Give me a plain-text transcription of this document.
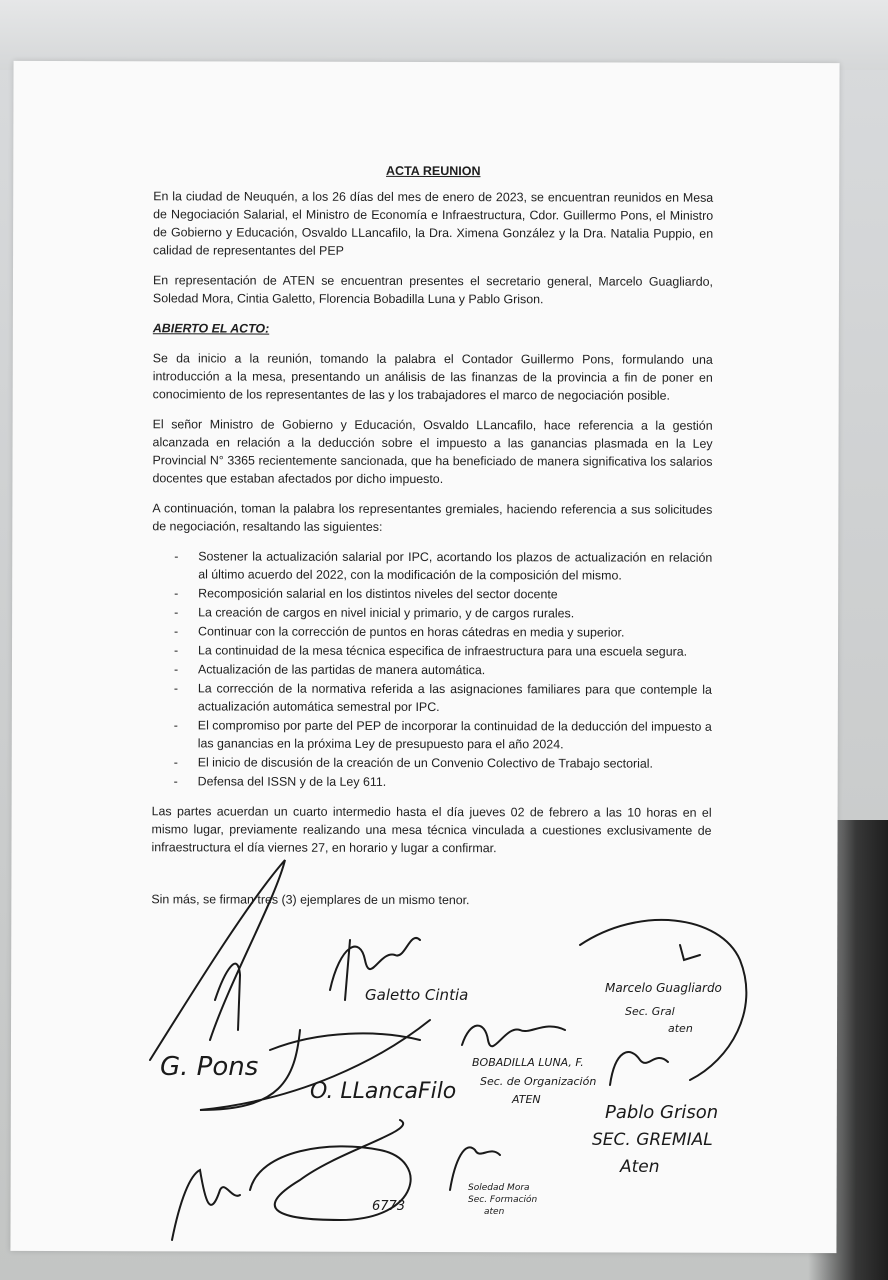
ACTA REUNION

En la ciudad de Neuquén, a los 26 días del mes de enero de 2023, se encuentran reunidos en Mesa de Negociación Salarial, el Ministro de Economía e Infraestructura, Cdor. Guillermo Pons, el Ministro de Gobierno y Educación, Osvaldo LLancafilo, la Dra. Ximena González y la Dra. Natalia Puppio, en calidad de representantes del PEP

En representación de ATEN se encuentran presentes el secretario general, Marcelo Guagliardo, Soledad Mora, Cintia Galetto, Florencia Bobadilla Luna y Pablo Grison.

ABIERTO EL ACTO:

Se da inicio a la reunión, tomando la palabra el Contador Guillermo Pons, formulando una introducción a la mesa, presentando un análisis de las finanzas de la provincia a fin de poner en conocimiento de los representantes de las y los trabajadores el marco de negociación posible.

El señor Ministro de Gobierno y Educación, Osvaldo LLancafilo, hace referencia a la gestión alcanzada en relación a la deducción sobre el impuesto a las ganancias plasmada en la Ley Provincial N° 3365 recientemente sancionada, que ha beneficiado de manera significativa los salarios docentes que estaban afectados por dicho impuesto.

A continuación, toman la palabra los representantes gremiales, haciendo referencia a sus solicitudes de negociación, resaltando las siguientes:

- Sostener la actualización salarial por IPC, acortando los plazos de actualización en relación al último acuerdo del 2022, con la modificación de la composición del mismo.
- Recomposición salarial en los distintos niveles del sector docente
- La creación de cargos en nivel inicial y primario, y de cargos rurales.
- Continuar con la corrección de puntos en horas cátedras en media y superior.
- La continuidad de la mesa técnica especifica de infraestructura para una escuela segura.
- Actualización de las partidas de manera automática.
- La corrección de la normativa referida a las asignaciones familiares para que contemple la actualización automática semestral por IPC.
- El compromiso por parte del PEP de incorporar la continuidad de la deducción del impuesto a las ganancias en la próxima Ley de presupuesto para el año 2024.
- El inicio de discusión de la creación de un Convenio Colectivo de Trabajo sectorial.
- Defensa del ISSN y de la Ley 611.

Las partes acuerdan un cuarto intermedio hasta el día jueves 02 de febrero a las 10 horas en el mismo lugar, previamente realizando una mesa técnica vinculada a cuestiones exclusivamente de infraestructura el día viernes 27, en horario y lugar a confirmar.

Sin más, se firman tres (3) ejemplares de un mismo tenor.

G. Pons
Galetto Cintia	Marcelo Guagliardo
Sec. Gral
aten
O. LLancaFilo
BOBADILLA LUNA, F.
Sec. de Organización
ATEN
Pablo Grison
SEC. GREMIAL
Aten
Soledad Mora
Sec. Formación
aten
6773
